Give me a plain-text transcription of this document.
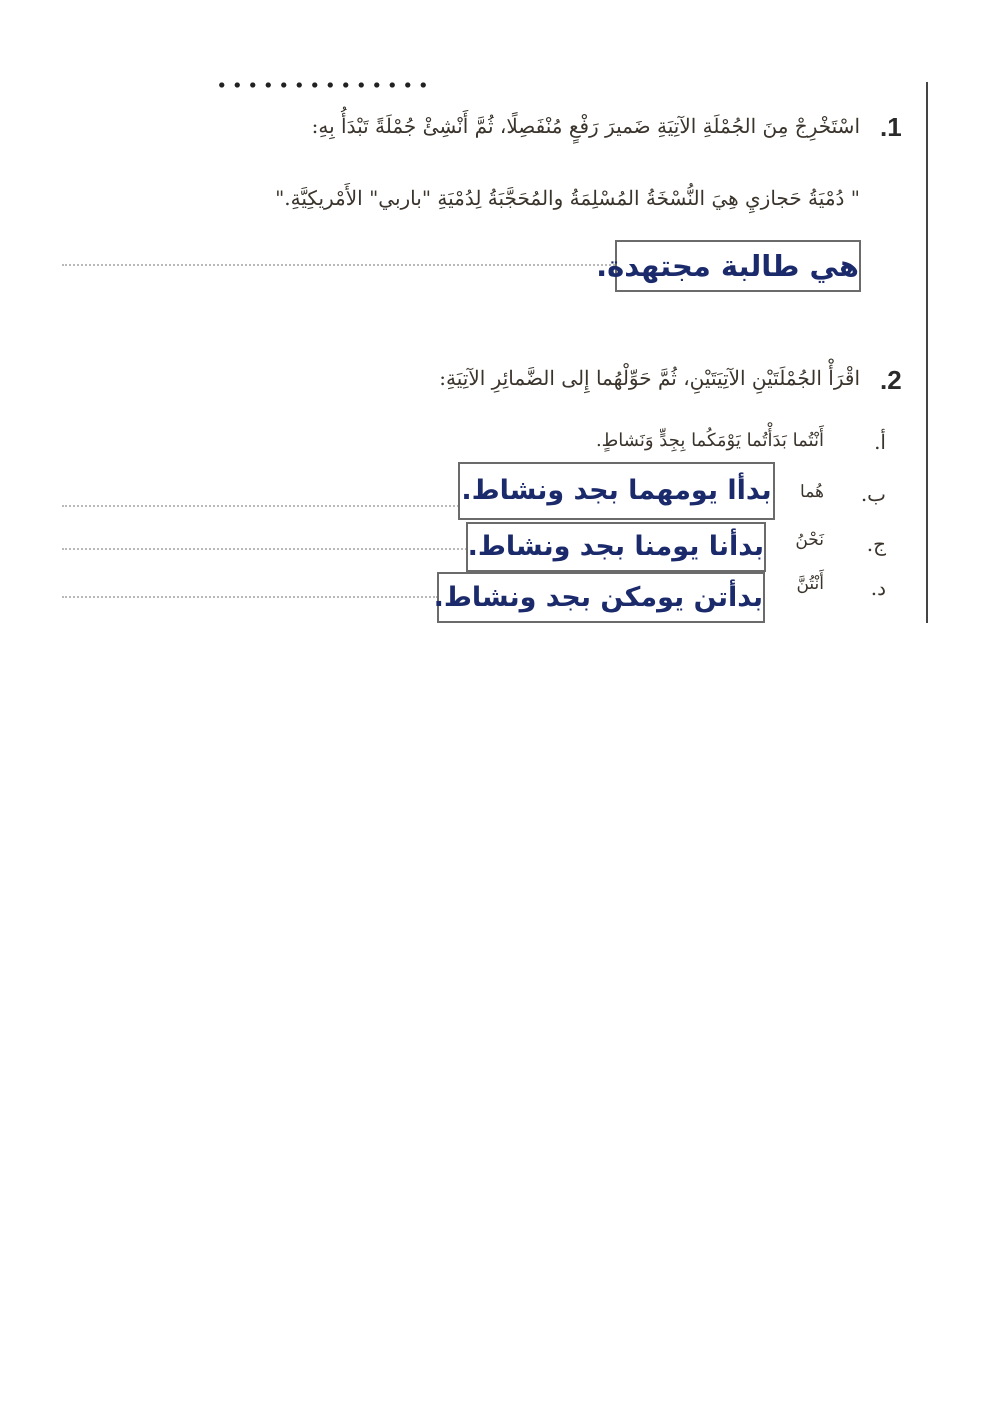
.1
اسْتَخْرِجْ مِنَ الجُمْلَةِ الآتِيَةِ ضَميرَ رَفْعٍ مُنْفَصِلًا، ثُمَّ أَنْشِئْ جُمْلَةً تَبْدَأُ بِهِ:
" دُمْيَةُ حَجازيِ هِيَ النُّسْخَةُ المُسْلِمَةُ والمُحَجَّبَةُ لِدُمْيَةِ "باربي" الأَمْريكِيَّةِ."
هي طالبة مجتهدة.
.2
اقْرَأْ الجُمْلَتَيْنِ الآتِيَتَيْنِ، ثُمَّ حَوِّلْهُما إِلى الضَّمائِرِ الآتِيَةِ:
أ.
أَنْتُما بَدَأْتُما يَوْمَكُما بِجِدٍّ وَنَشاطٍ.
ب.
هُما
بدأا يومهما بجد ونشاط.
ج.
نَحْنُ
بدأنا يومنا بجد ونشاط.
د.
أَنْتُنَّ
بدأتن يومكن بجد ونشاط.
